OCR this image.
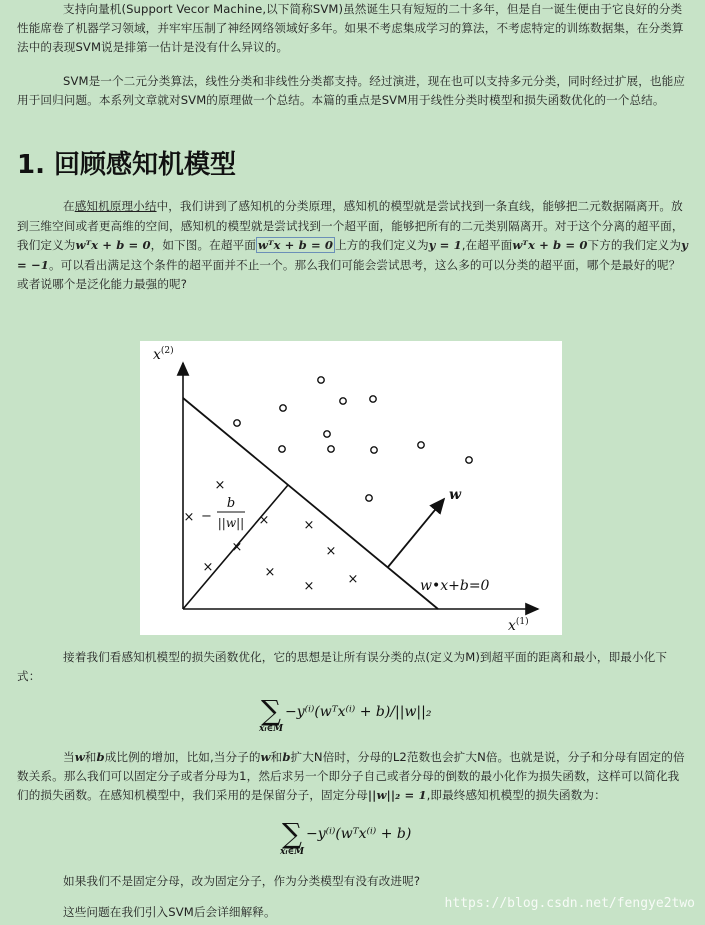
支持向量机(Support Vecor Machine,以下简称SVM)虽然诞生只有短短的二十多年，但是自一诞生便由于它良好的分类性能席卷了机器学习领域，并牢牢压制了神经网络领域好多年。如果不考虑集成学习的算法，不考虑特定的训练数据集，在分类算法中的表现SVM说是排第一估计是没有什么异议的。

SVM是一个二元分类算法，线性分类和非线性分类都支持。经过演进，现在也可以支持多元分类，同时经过扩展，也能应用于回归问题。本系列文章就对SVM的原理做一个总结。本篇的重点是SVM用于线性分类时模型和损失函数优化的一个总结。

1. 回顾感知机模型

在感知机原理小结中，我们讲到了感知机的分类原理，感知机的模型就是尝试找到一条直线，能够把二元数据隔离开。放到三维空间或者更高维的空间，感知机的模型就是尝试找到一个超平面，能够把所有的二元类别隔离开。对于这个分离的超平面，我们定义为wᵀx + b = 0，如下图。在超平面 wᵀx + b = 0 上方的我们定义为y = 1,在超平面wᵀx + b = 0下方的我们定义为y = −1。可以看出满足这个条件的超平面并不止一个。那么我们可能会尝试思考，这么多的可以分类的超平面，哪个是最好的呢？或者说哪个是泛化能力最强的呢?

×
×	×	×
×	×
×	×	×
×
$x^{(2)}$
$x^{(1)}$
w
w•x+b=0
−
b
||w||

接着我们看感知机模型的损失函数优化，它的思想是让所有误分类的点(定义为M)到超平面的距离和最小，即最小化下式：

∑
xᵢ∈M
−y⁽ⁱ⁾(wᵀx⁽ⁱ⁾ + b)/||w||₂

当w和b成比例的增加，比如,当分子的w和b扩大N倍时，分母的L2范数也会扩大N倍。也就是说，分子和分母有固定的倍数关系。那么我们可以固定分子或者分母为1，然后求另一个即分子自己或者分母的倒数的最小化作为损失函数，这样可以简化我们的损失函数。在感知机模型中，我们采用的是保留分子，固定分母||w||₂ = 1,即最终感知机模型的损失函数为：

∑
xᵢ∈M
−y⁽ⁱ⁾(wᵀx⁽ⁱ⁾ + b)

如果我们不是固定分母，改为固定分子，作为分类模型有没有改进呢?

这些问题在我们引入SVM后会详细解释。

https://blog.csdn.net/fengye2two
